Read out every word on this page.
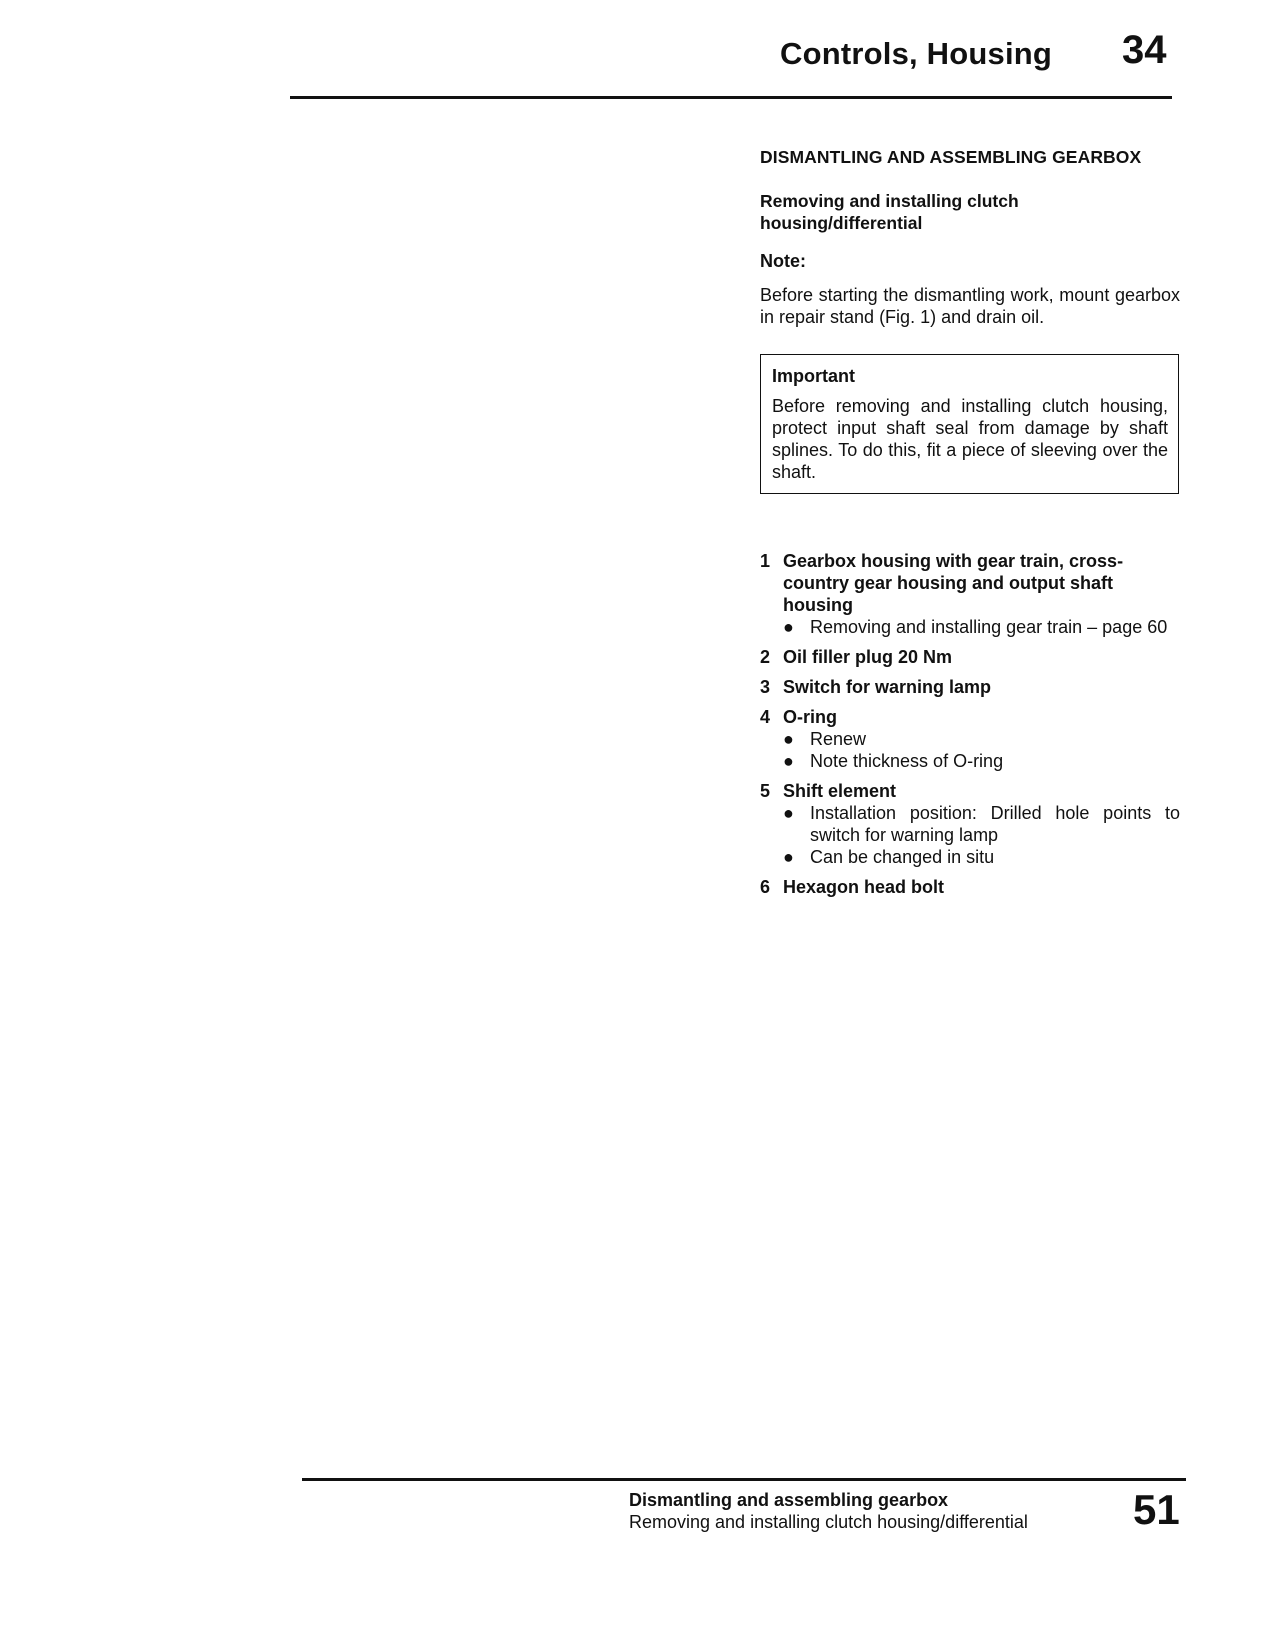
Controls, Housing	34
DISMANTLING AND ASSEMBLING GEARBOX
Removing and installing clutch housing/differential
Note:
Before starting the dismantling work, mount gearbox in repair stand (Fig. 1) and drain oil.
Important
Before removing and installing clutch housing, protect input shaft seal from damage by shaft splines. To do this, fit a piece of sleeving over the shaft.
1 Gearbox housing with gear train, cross-country gear housing and output shaft housing
● Removing and installing gear train – page 60
2 Oil filler plug 20 Nm
3 Switch for warning lamp
4 O-ring
● Renew
● Note thickness of O-ring
5 Shift element
● Installation position: Drilled hole points to switch for warning lamp
● Can be changed in situ
6 Hexagon head bolt
Dismantling and assembling gearbox
Removing and installing clutch housing/differential	51
